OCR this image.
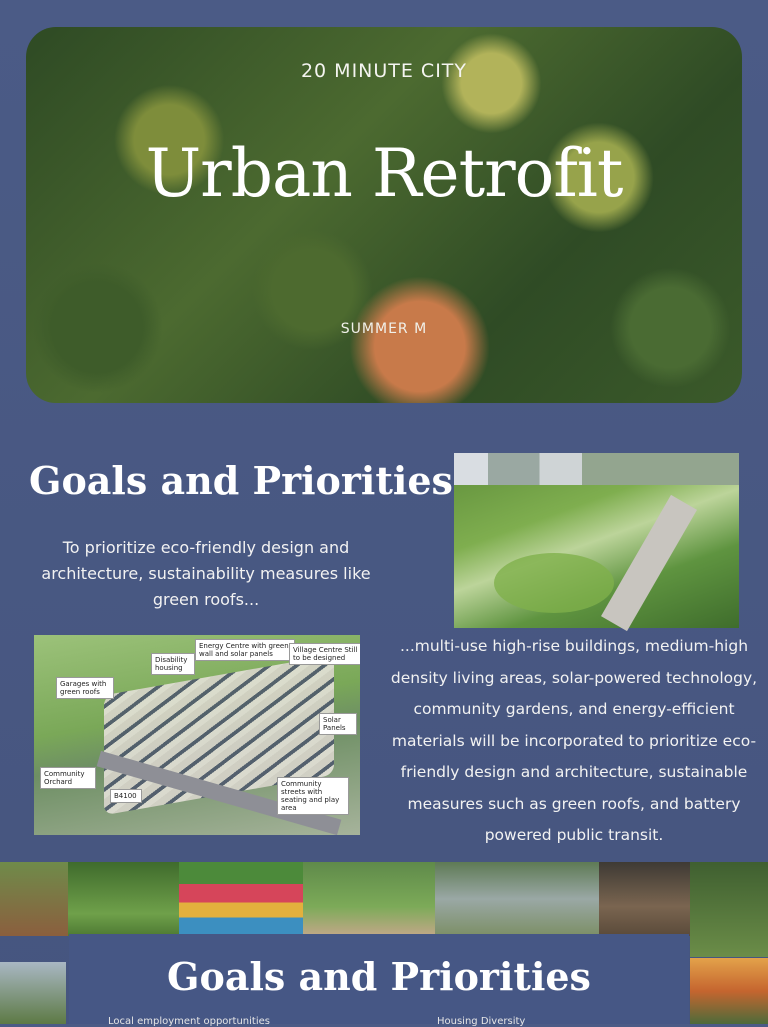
20 MINUTE CITY
Urban Retrofit
SUMMER M
Goals and Priorities
To prioritize eco-friendly design and architecture, sustainability measures like green roofs...
Garages with green roofs
Disability housing
Energy Centre with green wall and solar panels	Village Centre Still to be designed
Solar Panels
Community Orchard
B4100
Community streets with seating and play area
...multi-use high-rise buildings, medium-high density living areas, solar-powered technology, community gardens, and energy-efficient materials will be incorporated to prioritize eco-friendly design and architecture, sustainable measures such as green roofs, and battery powered public transit.
Goals and Priorities
Local employment opportunities	Housing Diversity
